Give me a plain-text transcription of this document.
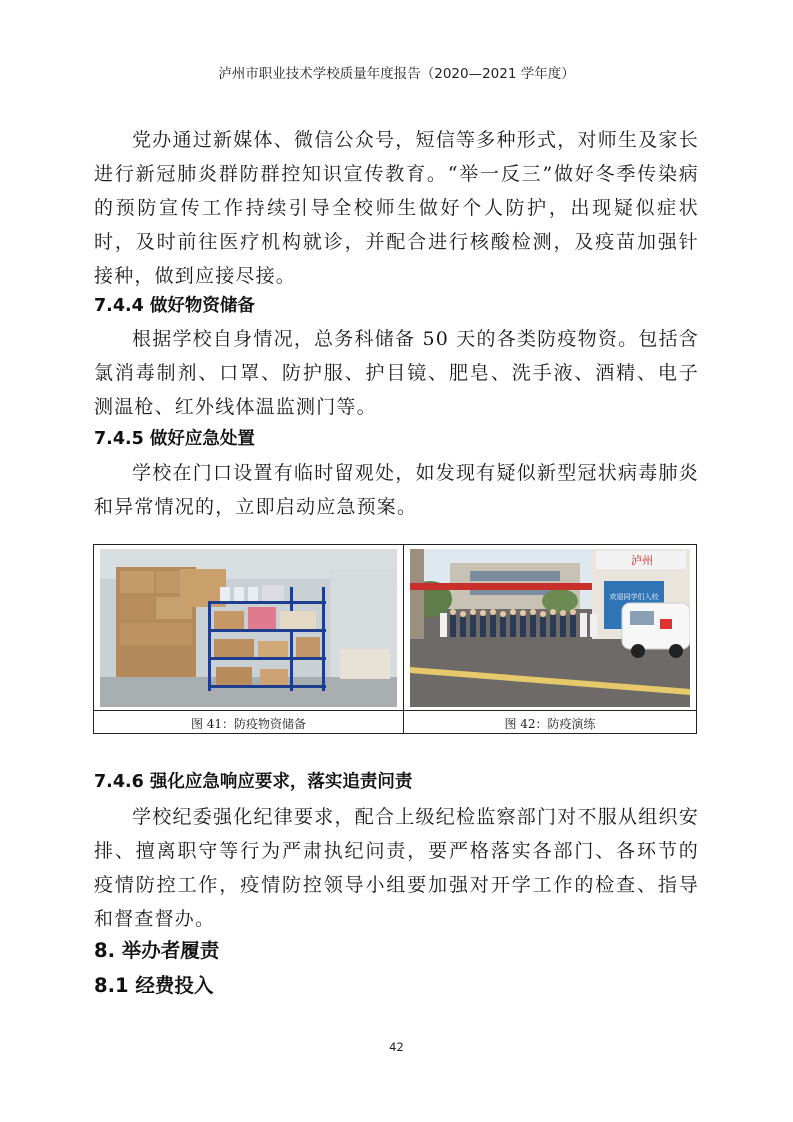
泸州市职业技术学校质量年度报告（2020—2021 学年度）

党办通过新媒体、微信公众号，短信等多种形式，对师生及家长进行新冠肺炎群防群控知识宣传教育。“举一反三”做好冬季传染病的预防宣传工作持续引导全校师生做好个人防护，出现疑似症状时，及时前往医疗机构就诊，并配合进行核酸检测，及疫苗加强针接种，做到应接尽接。

7.4.4 做好物资储备

根据学校自身情况，总务科储备 50 天的各类防疫物资。包括含氯消毒制剂、口罩、防护服、护目镜、肥皂、洗手液、酒精、电子测温枪、红外线体温监测门等。

7.4.5 做好应急处置

学校在门口设置有临时留观处，如发现有疑似新型冠状病毒肺炎和异常情况的，立即启动应急预案。

泸州
欢迎同学们入校
图 41：防疫物资储备	图 42：防疫演练
7.4.6 强化应急响应要求，落实追责问责

学校纪委强化纪律要求，配合上级纪检监察部门对不服从组织安排、擅离职守等行为严肃执纪问责，要严格落实各部门、各环节的疫情防控工作，疫情防控领导小组要加强对开学工作的检查、指导和督查督办。

8. 举办者履责
8.1 经费投入
42
